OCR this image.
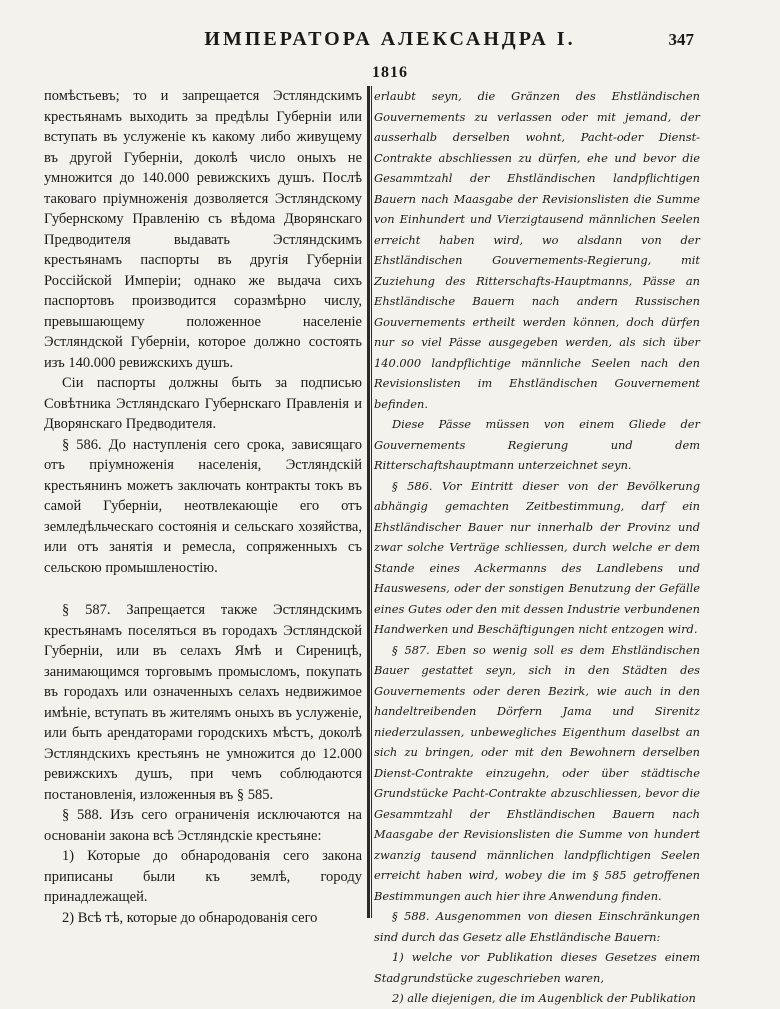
ИМПЕРАТОРА АЛЕКСАНДРА I.	347
1816

помѣстьевъ; то и запрещается Эстляндскимъ крестьянамъ выходить за предѣлы Губерніи или вступать въ услуженіе къ какому либо живущему въ другой Губерніи, доколѣ число оныхъ не умножится до 140.000 ревижскихъ душъ. Послѣ таковаго пріумноженія дозволяется Эстляндскому Губернскому Правленію съ вѣдома Дворянскаго Предводителя выдавать Эстляндскимъ крестьянамъ паспорты въ другія Губерніи Россійской Имперіи; однако же выдача сихъ паспортовъ производится соразмѣрно числу, превышающему положенное населеніе Эстляндской Губерніи, которое должно состоять изъ 140.000 ревижскихъ душъ.

Сіи паспорты должны быть за подписью Совѣтника Эстляндскаго Губернскаго Правленія и Дворянскаго Предводителя.

§ 586. До наступленія сего срока, зависящаго отъ пріумноженія населенія, Эстляндскій крестьянинъ можетъ заключать контракты токъ въ самой Губерніи, неотвлекающіе его отъ земледѣльческаго состоянія и сельскаго хозяйства, или отъ занятія и ремесла, сопряженныхъ съ сельскою промышленостію.

§ 587. Запрещается также Эстляндскимъ крестьянамъ поселяться въ городахъ Эстляндской Губерніи, или въ селахъ Ямѣ и Сиреницѣ, занимающимся торговымъ промысломъ, покупать въ городахъ или означенныхъ селахъ недвижимое имѣніе, вступать въ жителямъ оныхъ въ услуженіе, или быть арендаторами городскихъ мѣстъ, доколѣ Эстляндскихъ крестьянъ не умножится до 12.000 ревижскихъ душъ, при чемъ соблюдаются постановленія, изложенныя въ § 585.

§ 588. Изъ сего ограниченія исключаются на основаніи закона всѣ Эстляндскіе крестьяне:

1) Которые до обнародованія сего закона приписаны были къ землѣ, городу принадлежащей.

2) Всѣ тѣ, которые до обнародованія сего

erlaubt seyn, die Gränzen des Ehstländischen Gouvernements zu verlassen oder mit jemand, der ausserhalb derselben wohnt, Pacht-oder Dienst-Contrakte abschliessen zu dürfen, ehe und bevor die Gesammtzahl der Ehstländischen landpflichtigen Bauern nach Maasgabe der Revisionslisten die Summe von Einhundert und Vierzigtausend männlichen Seelen erreicht haben wird, wo alsdann von der Ehstländischen Gouvernements-Regierung, mit Zuziehung des Ritterschafts-Hauptmanns, Pässe an Ehstländische Bauern nach andern Russischen Gouvernements ertheilt werden können, doch dürfen nur so viel Pässe ausgegeben werden, als sich über 140.000 landpflichtige männliche Seelen nach den Revisionslisten im Ehstländischen Gouvernement befinden.

Diese Pässe müssen von einem Gliede der Gouvernements Regierung und dem Ritterschaftshauptmann unterzeichnet seyn.

§ 586. Vor Eintritt dieser von der Bevölkerung abhängig gemachten Zeitbestimmung, darf ein Ehstländischer Bauer nur innerhalb der Provinz und zwar solche Verträge schliessen, durch welche er dem Stande eines Ackermanns des Landlebens und Hauswesens, oder der sonstigen Benutzung der Gefälle eines Gutes oder den mit dessen Industrie verbundenen Handwerken und Beschäftigungen nicht entzogen wird.

§ 587. Eben so wenig soll es dem Ehstländischen Bauer gestattet seyn, sich in den Städten des Gouvernements oder deren Bezirk, wie auch in den handeltreibenden Dörfern Jama und Sirenitz niederzulassen, unbewegliches Eigenthum daselbst an sich zu bringen, oder mit den Bewohnern derselben Dienst-Contrakte einzugehn, oder über städtische Grundstücke Pacht-Contrakte abzuschliessen, bevor die Gesammtzahl der Ehstländischen Bauern nach Maasgabe der Revisionslisten die Summe von hundert zwanzig tausend männlichen landpflichtigen Seelen erreicht haben wird, wobey die im § 585 getroffenen Bestimmungen auch hier ihre Anwendung finden.

§ 588. Ausgenommen von diesen Einschränkungen sind durch das Gesetz alle Ehstländische Bauern:

1) welche vor Publikation dieses Gesetzes einem Stadgrundstücke zugeschrieben waren,

2) alle diejenigen, die im Augenblick der Publikation
